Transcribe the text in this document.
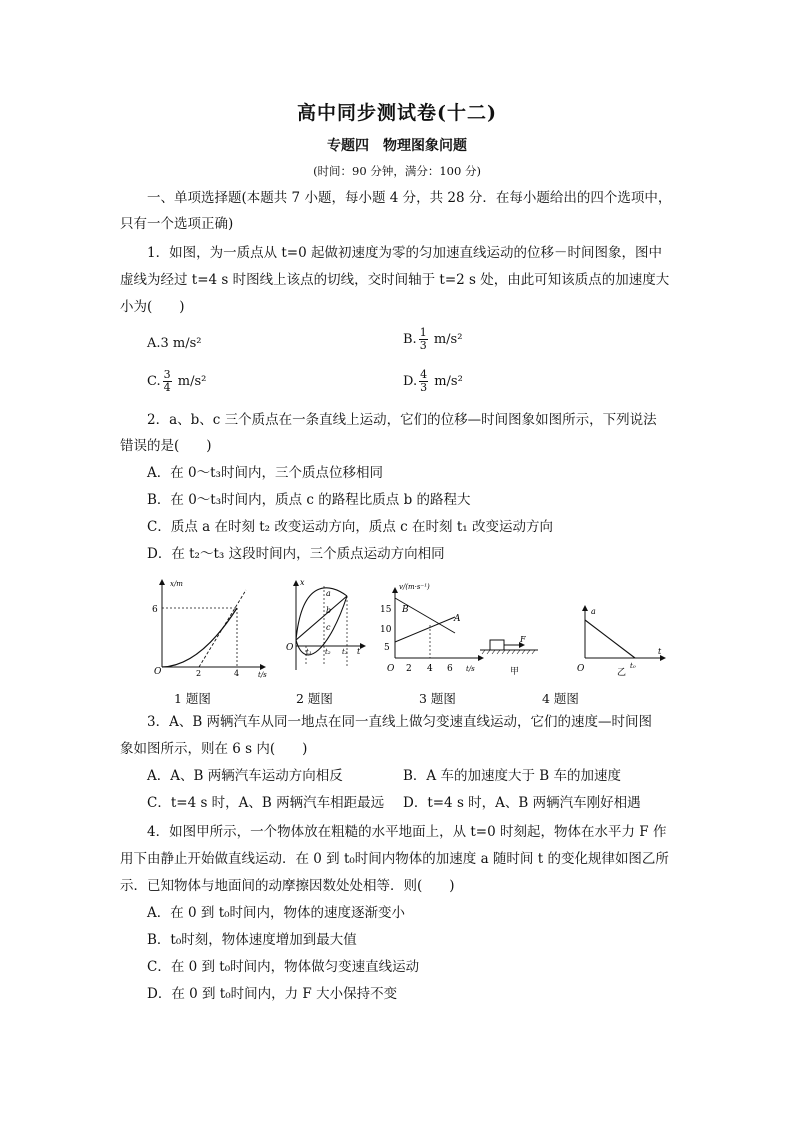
高中同步测试卷(十二)
专题四　物理图象问题
(时间：90 分钟，满分：100 分)
一、单项选择题(本题共 7 小题，每小题 4 分，共 28 分．在每小题给出的四个选项中，
只有一个选项正确)
1．如图，为一质点从 t=0 起做初速度为零的匀加速直线运动的位移－时间图象，图中
虚线为经过 t=4 s 时图线上该点的切线，交时间轴于 t=2 s 处，由此可知该质点的加速度大
小为(　　)
A.3 m/s²	B. $\frac{1}{3} m/s^2$
C. $\frac{3}{4} m/s^2$	D. $\frac{4}{3} m/s^2$
2．a、b、c 三个质点在一条直线上运动，它们的位移—时间图象如图所示，下列说法
错误的是(　　)
A．在 0～t₃时间内，三个质点位移相同
B．在 0～t₃时间内，质点 c 的路程比质点 b 的路程大
C．质点 a 在时刻 t₂ 改变运动方向，质点 c 在时刻 t₁ 改变运动方向
D．在 t₂～t₃ 这段时间内，三个质点运动方向相同
x/m
6
O	2	4	t/s
x
a
b
c
O t₁ t₂ t₃ t
v/(m·s⁻¹)
B
A
15
10
5
O 2 4 6 t/s
F
甲
a
t
O	t₀
乙
1 题图	2 题图	3 题图	4 题图
3．A、B 两辆汽车从同一地点在同一直线上做匀变速直线运动，它们的速度—时间图
象如图所示，则在 6 s 内(　　)
A．A、B 两辆汽车运动方向相反	B．A 车的加速度大于 B 车的加速度
C．t=4 s 时，A、B 两辆汽车相距最远 D．t=4 s 时，A、B 两辆汽车刚好相遇
4．如图甲所示，一个物体放在粗糙的水平地面上，从 t=0 时刻起，物体在水平力 F 作
用下由静止开始做直线运动．在 0 到 t₀时间内物体的加速度 a 随时间 t 的变化规律如图乙所
示．已知物体与地面间的动摩擦因数处处相等．则(　　)
A．在 0 到 t₀时间内，物体的速度逐渐变小
B．t₀时刻，物体速度增加到最大值
C．在 0 到 t₀时间内，物体做匀变速直线运动
D．在 0 到 t₀时间内，力 F 大小保持不变
